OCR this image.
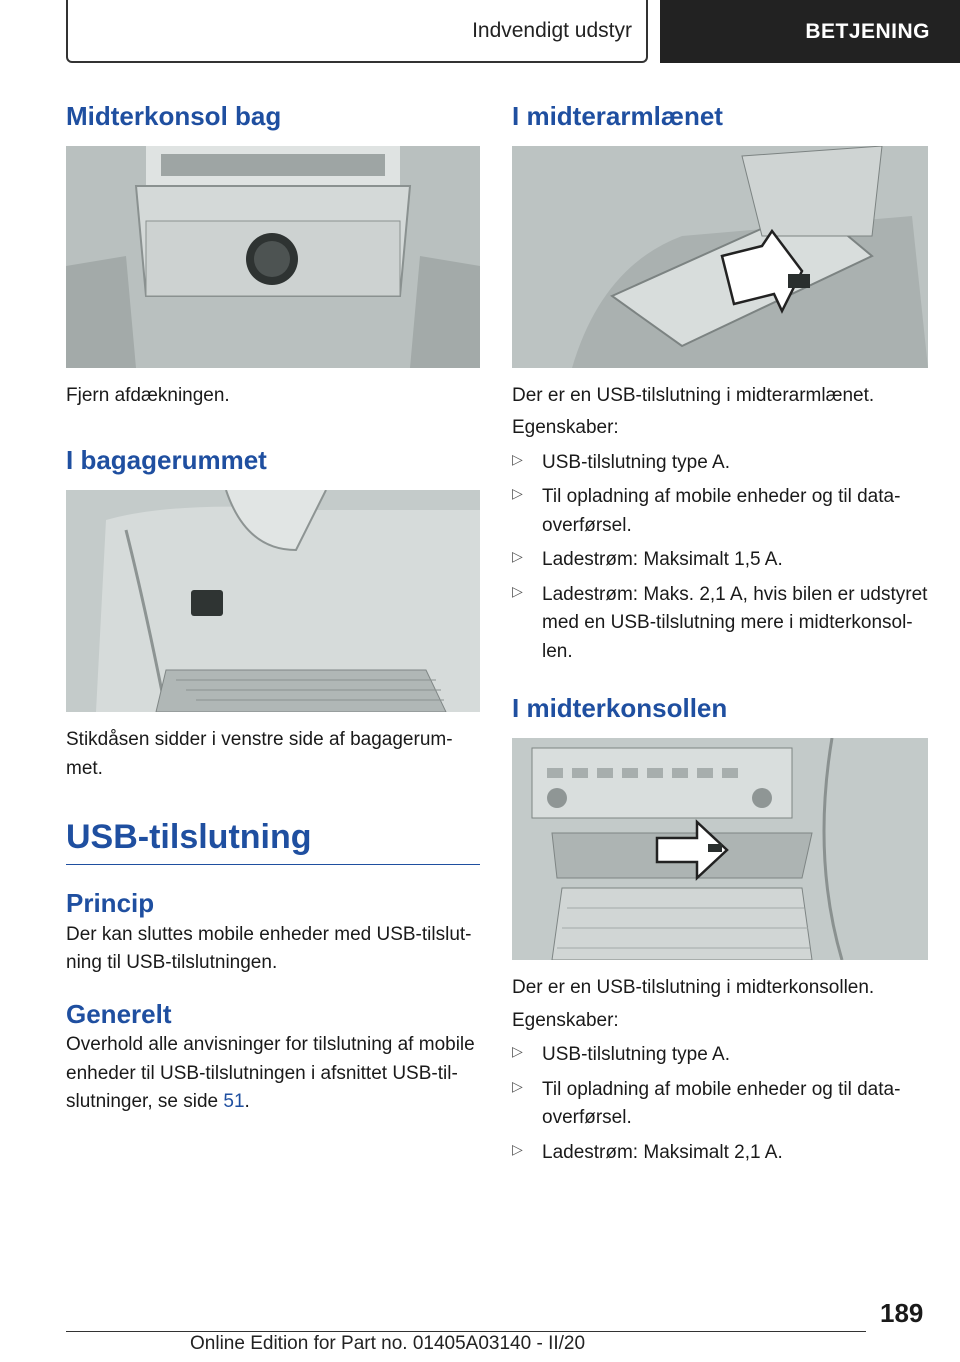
Indvendigt udstyr	BETJENING
Midterkonsol bag

Fjern afdækningen.

I bagagerummet

Stikdåsen sidder i venstre side af bagagerum-met.

USB-tilslutning
Princip

Der kan sluttes mobile enheder med USB-tilslut-ning til USB-tilslutningen.

Generelt

Overhold alle anvisninger for tilslutning af mobile enheder til USB-tilslutningen i afsnittet USB-til-slutninger, se side 51.

I midterarmlænet

Der er en USB-tilslutning i midterarmlænet.

Egenskaber:

▷ USB-tilslutning type A.
▷ Til opladning af mobile enheder og til data-overførsel.
▷ Ladestrøm: Maksimalt 1,5 A.
▷ Ladestrøm: Maks. 2,1 A, hvis bilen er udstyret med en USB-tilslutning mere i midterkonsol-len.
I midterkonsollen

Der er en USB-tilslutning i midterkonsollen.

Egenskaber:

▷ USB-tilslutning type A.
▷ Til opladning af mobile enheder og til data-overførsel.
▷ Ladestrøm: Maksimalt 2,1 A.
189
Online Edition for Part no. 01405A03140 - II/20
